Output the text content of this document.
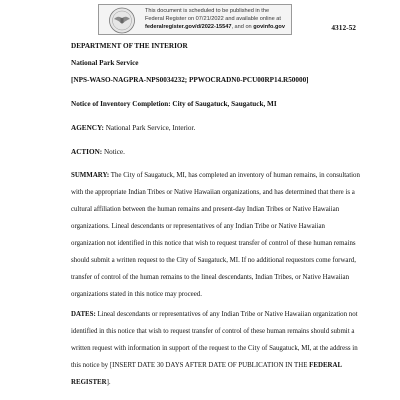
This document is scheduled to be published in the
Federal Register on 07/21/2022 and available online at
federalregister.gov/d/2022-15547, and on govinfo.gov	4312-52
DEPARTMENT OF THE INTERIOR
National Park Service
[NPS-WASO-NAGPRA-NPS0034232; PPWOCRADN0-PCU00RP14.R50000]
Notice of Inventory Completion: City of Saugatuck, Saugatuck, MI
AGENCY: National Park Service, Interior.
ACTION: Notice.

SUMMARY: The City of Saugatuck, MI, has completed an inventory of human remains, in consultation with the appropriate Indian Tribes or Native Hawaiian organizations, and has determined that there is a cultural affiliation between the human remains and present-day Indian Tribes or Native Hawaiian organizations. Lineal descendants or representatives of any Indian Tribe or Native Hawaiian organization not identified in this notice that wish to request transfer of control of these human remains should submit a written request to the City of Saugatuck, MI. If no additional requestors come forward, transfer of control of the human remains to the lineal descendants, Indian Tribes, or Native Hawaiian organizations stated in this notice may proceed.

DATES: Lineal descendants or representatives of any Indian Tribe or Native Hawaiian organization not identified in this notice that wish to request transfer of control of these human remains should submit a written request with information in support of the request to the City of Saugatuck, MI, at the address in this notice by [INSERT DATE 30 DAYS AFTER DATE OF PUBLICATION IN THE FEDERAL REGISTER].
